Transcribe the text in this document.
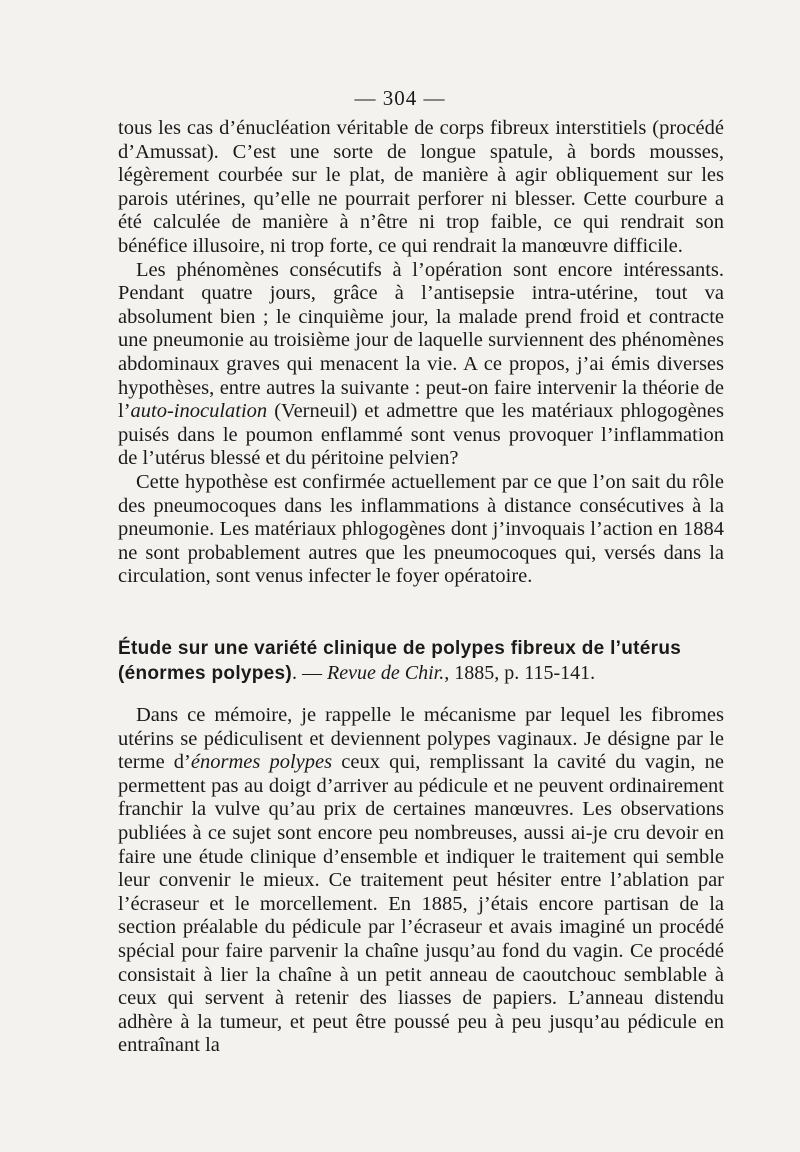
— 304 —

tous les cas d’énucléation véritable de corps fibreux interstitiels (procédé d’Amussat). C’est une sorte de longue spatule, à bords mousses, légèrement courbée sur le plat, de manière à agir obliquement sur les parois utérines, qu’elle ne pourrait perforer ni blesser. Cette courbure a été calculée de manière à n’être ni trop faible, ce qui rendrait son bénéfice illusoire, ni trop forte, ce qui rendrait la manœuvre difficile.

Les phénomènes consécutifs à l’opération sont encore intéressants. Pendant quatre jours, grâce à l’antisepsie intra-utérine, tout va absolument bien ; le cinquième jour, la malade prend froid et contracte une pneumonie au troisième jour de laquelle surviennent des phénomènes abdominaux graves qui menacent la vie. A ce propos, j’ai émis diverses hypothèses, entre autres la suivante : peut-on faire intervenir la théorie de l’auto-inoculation (Verneuil) et admettre que les matériaux phlogogènes puisés dans le poumon enflammé sont venus provoquer l’inflammation de l’utérus blessé et du péritoine pelvien?

Cette hypothèse est confirmée actuellement par ce que l’on sait du rôle des pneumocoques dans les inflammations à distance consécutives à la pneumonie. Les matériaux phlogogènes dont j’invoquais l’action en 1884 ne sont probablement autres que les pneumocoques qui, versés dans la circulation, sont venus infecter le foyer opératoire.

Étude sur une variété clinique de polypes fibreux de l’utérus (énormes polypes). — Revue de Chir., 1885, p. 115-141.

Dans ce mémoire, je rappelle le mécanisme par lequel les fibromes utérins se pédiculisent et deviennent polypes vaginaux. Je désigne par le terme d’énormes polypes ceux qui, remplissant la cavité du vagin, ne permettent pas au doigt d’arriver au pédicule et ne peuvent ordinairement franchir la vulve qu’au prix de certaines manœuvres. Les observations publiées à ce sujet sont encore peu nombreuses, aussi ai-je cru devoir en faire une étude clinique d’ensemble et indiquer le traitement qui semble leur convenir le mieux. Ce traitement peut hésiter entre l’ablation par l’écraseur et le morcellement. En 1885, j’étais encore partisan de la section préalable du pédicule par l’écraseur et avais imaginé un procédé spécial pour faire parvenir la chaîne jusqu’au fond du vagin. Ce procédé consistait à lier la chaîne à un petit anneau de caoutchouc semblable à ceux qui servent à retenir des liasses de papiers. L’anneau distendu adhère à la tumeur, et peut être poussé peu à peu jusqu’au pédicule en entraînant la
